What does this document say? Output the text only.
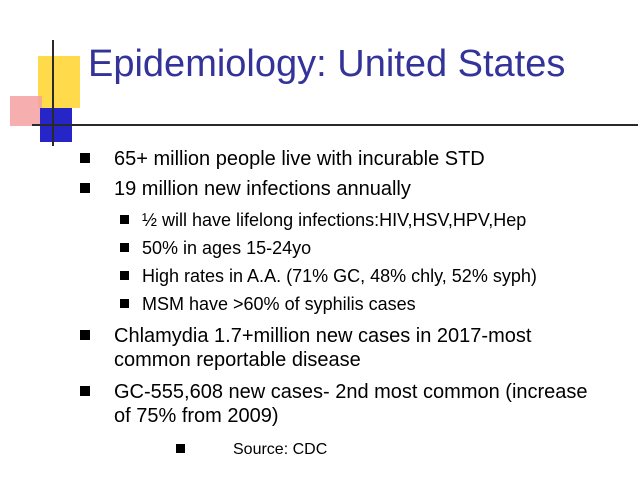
Epidemiology: United States
65+ million people live with incurable STD
19 million new infections annually
½ will have lifelong infections:HIV,HSV,HPV,Hep
50% in ages 15-24yo
High rates in A.A. (71% GC, 48% chly, 52% syph)
MSM have >60% of syphilis cases
Chlamydia 1.7+million new cases in 2017-most
common reportable disease
GC-555,608 new cases- 2nd most common (increase
of 75% from 2009)
Source: CDC
